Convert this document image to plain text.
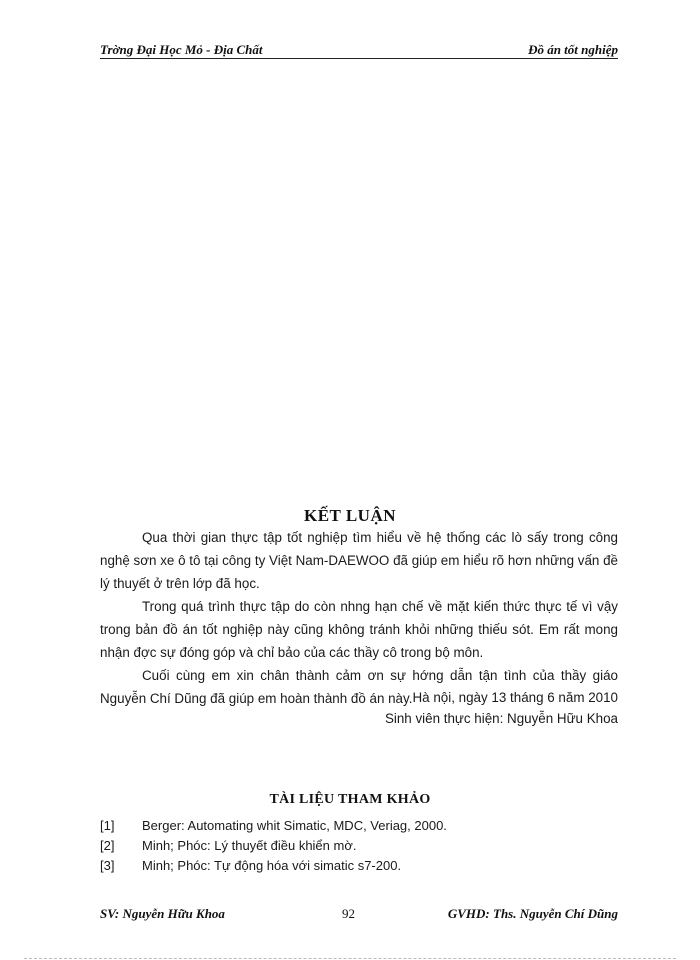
Trờng Đại Học Mỏ - Địa Chất	Đồ án tốt nghiệp
KẾT LUẬN

Qua thời gian thực tập tốt nghiệp tìm hiểu về hệ thống các lò sấy trong công nghệ sơn xe ô tô tại công ty Việt Nam-DAEWOO đã giúp em hiểu rõ hơn những vấn đề lý thuyết ở trên lớp đã học.

Trong quá trình thực tập do còn nhng hạn chế về mặt kiến thức thực tế vì vậy trong bản đồ án tốt nghiệp này cũng không tránh khỏi những thiếu sót. Em rất mong nhận đợc sự đóng góp và chỉ bảo của các thầy cô trong bộ môn.

Cuối cùng em xin chân thành cảm ơn sự hớng dẫn tận tình của thầy giáo Nguyễn Chí Dũng đã giúp em hoàn thành đồ án này. Hà nội, ngày 13 tháng 6 năm 2010
Sinh viên thực hiện: Nguyễn Hữu Khoa
TÀI LIỆU THAM KHẢO
[1] Berger: Automating whit Simatic, MDC, Veriag, 2000.
[2] Minh; Phóc: Lý thuyết điều khiển mờ.
[3] Minh; Phóc: Tự động hóa với simatic s7-200.
SV: Nguyễn Hữu Khoa	92	GVHD: Ths. Nguyễn Chí Dũng
